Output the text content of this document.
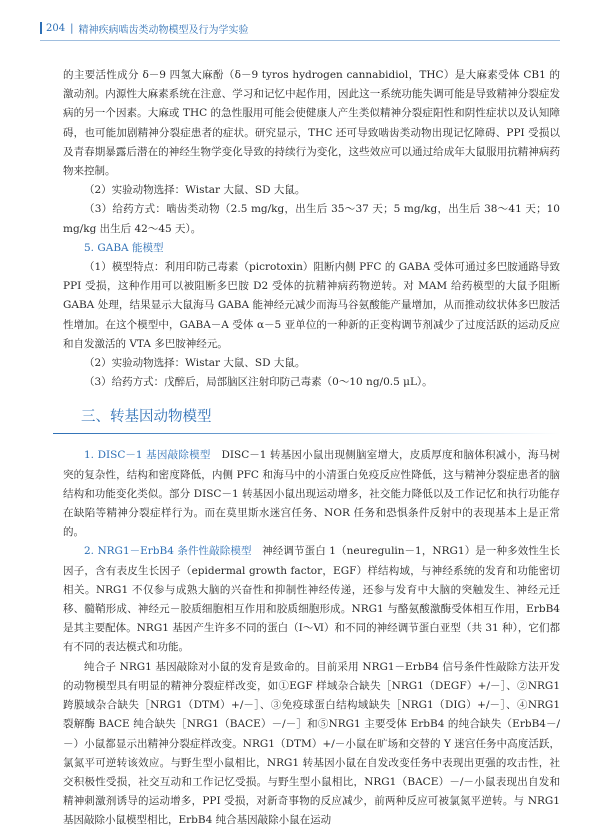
204 | 精神疾病啮齿类动物模型及行为学实验

的主要活性成分 δ－9 四氢大麻酚（δ－9 tyros hydrogen cannabidiol，THC）是大麻素受体 CB1 的激动剂。内源性大麻素系统在注意、学习和记忆中起作用，因此这一系统功能失调可能是导致精神分裂症发病的另一个因素。大麻或 THC 的急性服用可能会使健康人产生类似精神分裂症阳性和阴性症状以及认知障碍，也可能加剧精神分裂症患者的症状。研究显示，THC 还可导致啮齿类动物出现记忆障碍、PPI 受损以及青春期暴露后潜在的神经生物学变化导致的持续行为变化，这些效应可以通过给成年大鼠服用抗精神病药物来控制。

（2）实验动物选择：Wistar 大鼠、SD 大鼠。

（3）给药方式：啮齿类动物（2.5 mg/kg，出生后 35～37 天；5 mg/kg，出生后 38～41 天；10 mg/kg 出生后 42～45 天）。

5. GABA 能模型

（1）模型特点：利用印防己毒素（picrotoxin）阻断内侧 PFC 的 GABA 受体可通过多巴胺通路导致 PPI 受损，这种作用可以被阻断多巴胺 D2 受体的抗精神病药物逆转。对 MAM 给药模型的大鼠予阻断 GABA 处理，结果显示大鼠海马 GABA 能神经元减少而海马谷氨酸能产量增加，从而推动纹状体多巴胺活性增加。在这个模型中，GABA－A 受体 α－5 亚单位的一种新的正变构调节剂减少了过度活跃的运动反应和自发激活的 VTA 多巴胺神经元。

（2）实验动物选择：Wistar 大鼠、SD 大鼠。

（3）给药方式：戊醉后，局部脑区注射印防己毒素（0～10 ng/0.5 μL）。

三、转基因动物模型

1. DISC－1 基因敲除模型　 DISC－1 转基因小鼠出现侧脑室增大，皮质厚度和脑体积减小，海马树突的复杂性，结构和密度降低，内侧 PFC 和海马中的小清蛋白免疫反应性降低，这与精神分裂症患者的脑结构和功能变化类似。部分 DISC－1 转基因小鼠出现运动增多，社交能力降低以及工作记忆和执行功能存在缺陷等精神分裂症样行为。而在莫里斯水迷宫任务、NOR 任务和恐惧条件反射中的表现基本上是正常的。

2. NRG1－ErbB4 条件性敲除模型　 神经调节蛋白 1（neuregulin－1，NRG1）是一种多效性生长因子，含有表皮生长因子（epidermal growth factor，EGF）样结构域，与神经系统的发育和功能密切相关。NRG1 不仅参与成熟大脑的兴奋性和抑制性神经传递，还参与发育中大脑的突触发生、神经元迁移、髓鞘形成、神经元－胶质细胞相互作用和胶质细胞形成。NRG1 与酪氨酸激酶受体相互作用，ErbB4 是其主要配体。NRG1 基因产生许多不同的蛋白（Ⅰ～Ⅵ）和不同的神经调节蛋白亚型（共 31 种），它们都有不同的表达模式和功能。

纯合子 NRG1 基因敲除对小鼠的发育是致命的。目前采用 NRG1－ErbB4 信号条件性敲除方法开发的动物模型具有明显的精神分裂症样改变，如①EGF 样域杂合缺失［NRG1（DEGF）+/－］、②NRG1 跨膜域杂合缺失［NRG1（DTM）+/－］、③免疫球蛋白结构域缺失［NRG1（DIG）+/－］、④NRG1 裂解酶 BACE 纯合缺失［NRG1（BACE）－/－］和⑤NRG1 主要受体 ErbB4 的纯合缺失（ErbB4－/－）小鼠都显示出精神分裂症样改变。NRG1（DTM）+/－小鼠在旷场和交替的 Y 迷宫任务中高度活跃，氯氮平可逆转该效应。与野生型小鼠相比，NRG1 转基因小鼠在自发改变任务中表现出更强的攻击性，社交积极性受损，社交互动和工作记忆受损。与野生型小鼠相比，NRG1（BACE）－/－小鼠表现出自发和精神刺激剂诱导的运动增多，PPI 受损，对新奇事物的反应减少，前两种反应可被氯氮平逆转。与 NRG1 基因敲除小鼠模型相比，ErbB4 纯合基因敲除小鼠在运动
